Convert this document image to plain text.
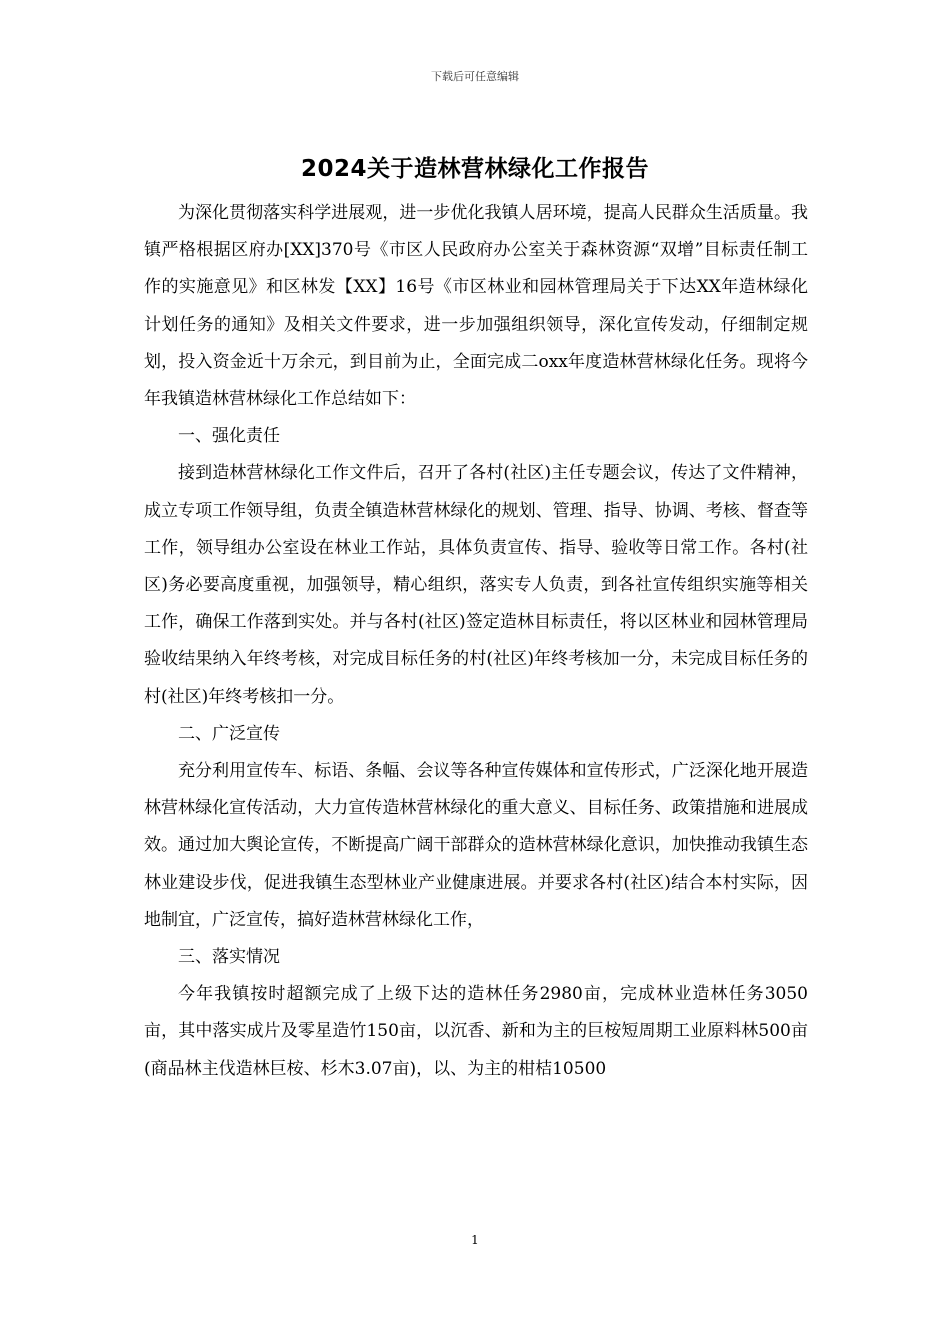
下载后可任意编辑
2024关于造林营林绿化工作报告

为深化贯彻落实科学进展观，进一步优化我镇人居环境，提高人民群众生活质量。我镇严格根据区府办[XX]370号《市区人民政府办公室关于森林资源“双增”目标责任制工作的实施意见》和区林发【XX】16号《市区林业和园林管理局关于下达XX年造林绿化计划任务的通知》及相关文件要求，进一步加强组织领导，深化宣传发动，仔细制定规划，投入资金近十万余元，到目前为止，全面完成二oxx年度造林营林绿化任务。现将今年我镇造林营林绿化工作总结如下：

一、强化责任

接到造林营林绿化工作文件后，召开了各村(社区)主任专题会议，传达了文件精神，成立专项工作领导组，负责全镇造林营林绿化的规划、管理、指导、协调、考核、督查等工作，领导组办公室设在林业工作站，具体负责宣传、指导、验收等日常工作。各村(社区)务必要高度重视，加强领导，精心组织，落实专人负责，到各社宣传组织实施等相关工作，确保工作落到实处。并与各村(社区)签定造林目标责任，将以区林业和园林管理局验收结果纳入年终考核，对完成目标任务的村(社区)年终考核加一分，未完成目标任务的村(社区)年终考核扣一分。

二、广泛宣传

充分利用宣传车、标语、条幅、会议等各种宣传媒体和宣传形式，广泛深化地开展造林营林绿化宣传活动，大力宣传造林营林绿化的重大意义、目标任务、政策措施和进展成效。通过加大舆论宣传，不断提高广阔干部群众的造林营林绿化意识，加快推动我镇生态林业建设步伐，促进我镇生态型林业产业健康进展。并要求各村(社区)结合本村实际，因地制宜，广泛宣传，搞好造林营林绿化工作，

三、落实情况

今年我镇按时超额完成了上级下达的造林任务2980亩，完成林业造林任务3050亩，其中落实成片及零星造竹150亩，以沉香、新和为主的巨桉短周期工业原料林500亩(商品林主伐造林巨桉、杉木3.07亩)，以、为主的柑桔10500

1
